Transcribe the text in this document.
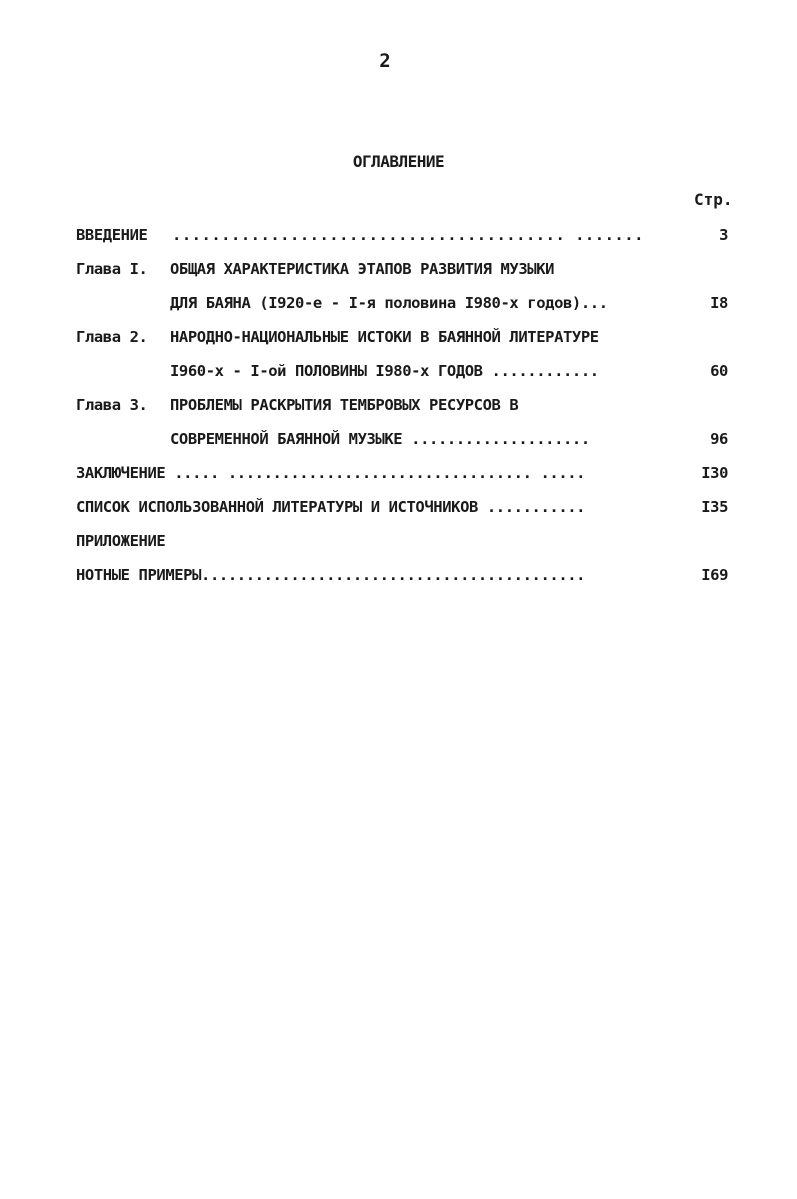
2
ОГЛАВЛЕНИЕ
Стр.
ВВЕДЕНИЕ ........................................ .......	3
Глава I. ОБЩАЯ ХАРАКТЕРИСТИКА ЭТАПОВ РАЗВИТИЯ МУЗЫКИ
ДЛЯ БАЯНА (I920-е - I-я половина I980-х годов)...	I8
Глава 2. НАРОДНО-НАЦИОНАЛЬНЫЕ ИСТОКИ В БАЯННОЙ ЛИТЕРАТУРЕ
I960-х - I-ой ПОЛОВИНЫ I980-х ГОДОВ ............	60
Глава 3. ПРОБЛЕМЫ РАСКРЫТИЯ ТЕМБРОВЫХ РЕСУРСОВ В
СОВРЕМЕННОЙ БАЯННОЙ МУЗЫКЕ ....................	96
ЗАКЛЮЧЕНИЕ ..... .................................. .....	I30
СПИСОК ИСПОЛЬЗОВАННОЙ ЛИТЕРАТУРЫ И ИСТОЧНИКОВ ...........	I35
ПРИЛОЖЕНИЕ
НОТНЫЕ ПРИМЕРЫ...........................................	I69
